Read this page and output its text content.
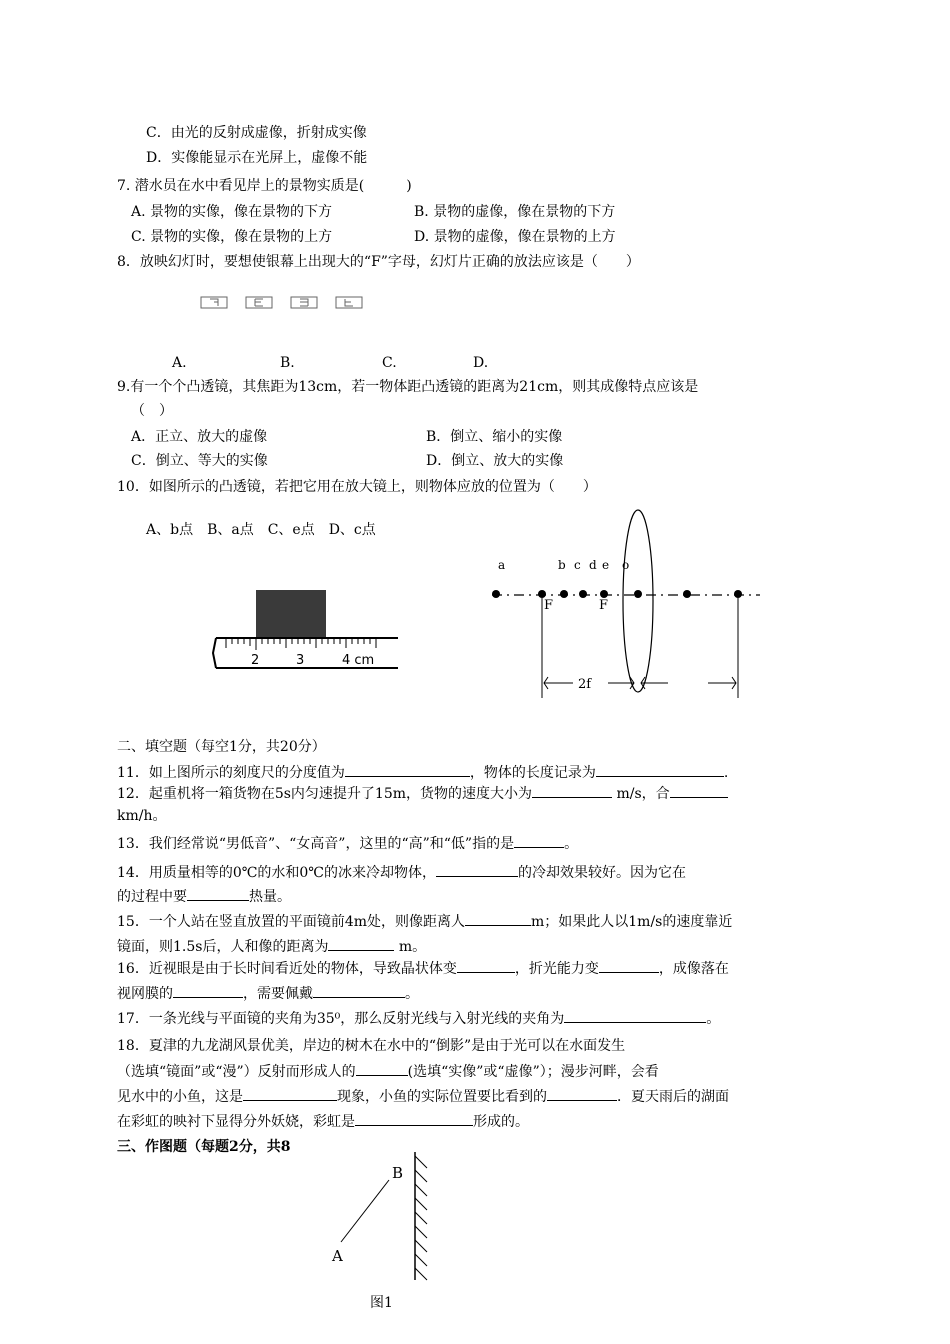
C．由光的反射成虚像，折射成实像
D．实像能显示在光屏上，虚像不能
7. 潜水员在水中看见岸上的景物实质是(　　　)
A. 景物的实像，像在景物的下方	B. 景物的虚像，像在景物的下方
C. 景物的实像，像在景物的上方	D. 景物的虚像，像在景物的上方
8．放映幻灯时，要想使银幕上出现大的“F”字母，幻灯片正确的放法应该是（　　）
A.	B.	C.	D.
9.有一个个凸透镜，其焦距为13cm，若一物体距凸透镜的距离为21cm，则其成像特点应该是
（　）
A．正立、放大的虚像	B．倒立、缩小的实像
C．倒立、等大的实像	D．倒立、放大的实像
10．如图所示的凸透镜，若把它用在放大镜上，则物体应放的位置为（　　）
A、b点　B、a点　C、e点　D、c点
2	3	4 cm
a	b c d e o
F	F
2f
二、填空题（每空1分，共20分）
11．如上图所示的刻度尺的分度值为	，物体的长度记录为	.
12．起重机将一箱货物在5s内匀速提升了15m，货物的速度大小为	m/s，合
km/h。
13．我们经常说“男低音”、“女高音”，这里的“高”和“低”指的是	。
14．用质量相等的0℃的水和0℃的冰来冷却物体，	的冷却效果较好。因为它在
的过程中要	热量。
15．一个人站在竖直放置的平面镜前4m处，则像距离人	m；如果此人以1m/s的速度靠近
镜面，则1.5s后，人和像的距离为	m。
16．近视眼是由于长时间看近处的物体，导致晶状体变	，折光能力变	，成像落在
视网膜的	，需要佩戴	。
17．一条光线与平面镜的夹角为35⁰，那么反射光线与入射光线的夹角为	。
18．夏津的九龙湖风景优美，岸边的树木在水中的“倒影”是由于光可以在水面发生
（选填“镜面”或“漫”）反射而形成人的	(选填“实像”或“虚像”）；漫步河畔，会看
见水中的小鱼，这是	现象，小鱼的实际位置要比看到的	．夏天雨后的湖面
在彩虹的映衬下显得分外妖娆，彩虹是	形成的。
三、作图题（每题2分，共8
B
A
图1
